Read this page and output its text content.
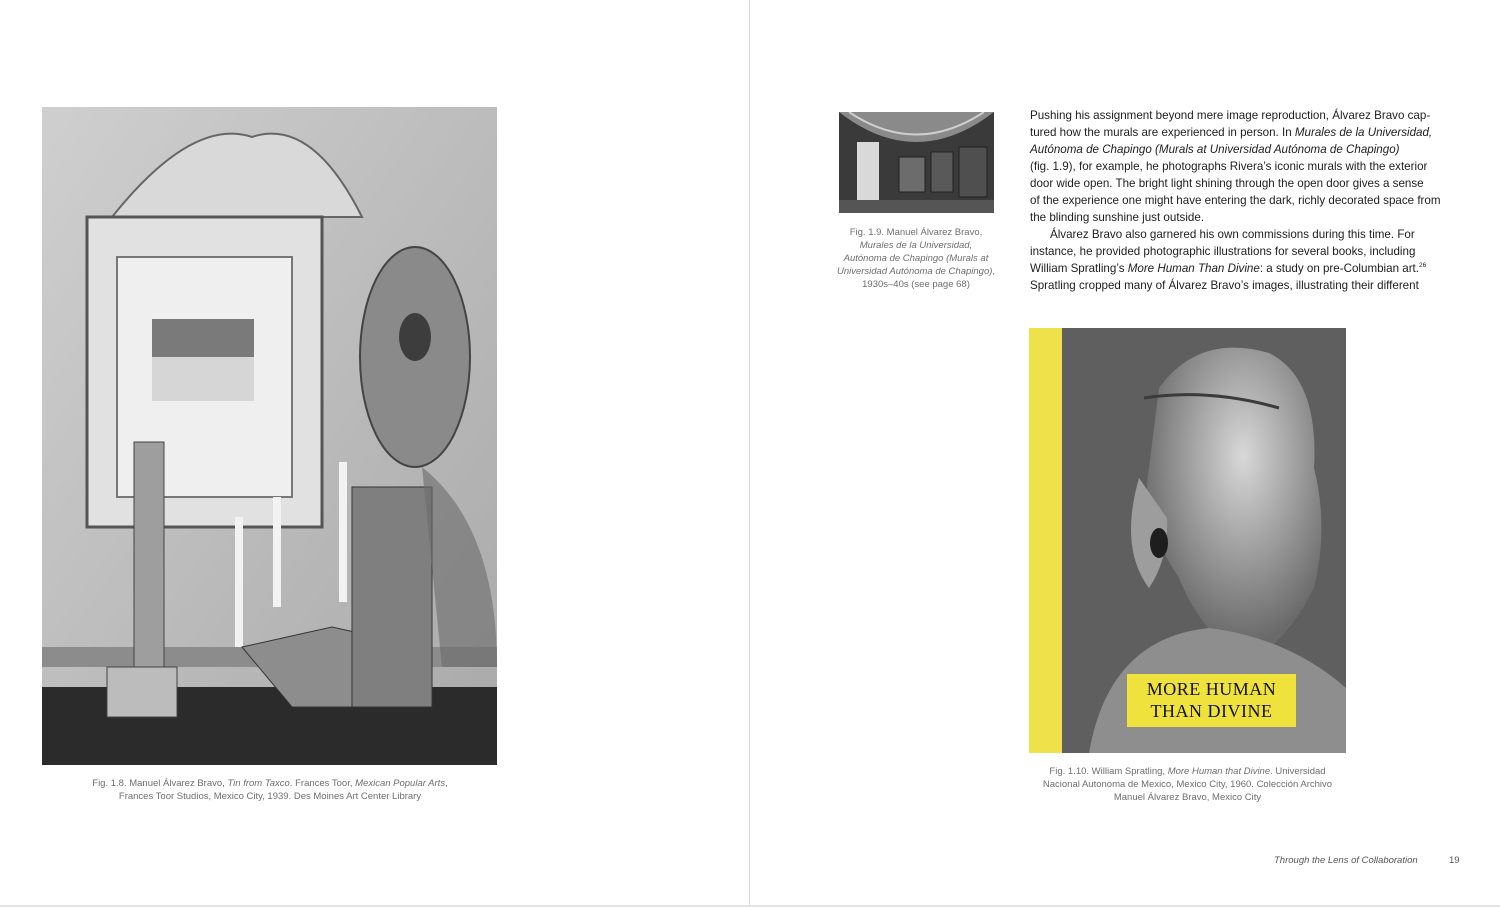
Fig. 1.8. Manuel Álvarez Bravo, Tin from Taxco. Frances Toor, Mexican Popular Arts,
Frances Toor Studios, Mexico City, 1939. Des Moines Art Center Library
Fig. 1.9. Manuel Álvarez Bravo,
Murales de la Universidad,
Autónoma de Chapingo (Murals at
Universidad Autónoma de Chapingo),
1930s–40s (see page 68)

Pushing his assignment beyond mere image reproduction, Álvarez Bravo cap-
tured how the murals are experienced in person. In Murales de la Universidad,
Autónoma de Chapingo (Murals at Universidad Autónoma de Chapingo)
(fig. 1.9), for example, he photographs Rivera’s iconic murals with the exterior
door wide open. The bright light shining through the open door gives a sense
of the experience one might have entering the dark, richly decorated space from
the blinding sunshine just outside.

Álvarez Bravo also garnered his own commissions during this time. For
instance, he provided photographic illustrations for several books, including
William Spratling’s More Human Than Divine: a study on pre-Columbian art.$^{26}$
Spratling cropped many of Álvarez Bravo’s images, illustrating their different

MORE HUMAN
THAN DIVINE
Fig. 1.10. William Spratling, More Human that Divine. Universidad
Nacional Autonoma de Mexico, Mexico City, 1960. Colección Archivo
Manuel Álvarez Bravo, Mexico City
Through the Lens of Collaboration	19
